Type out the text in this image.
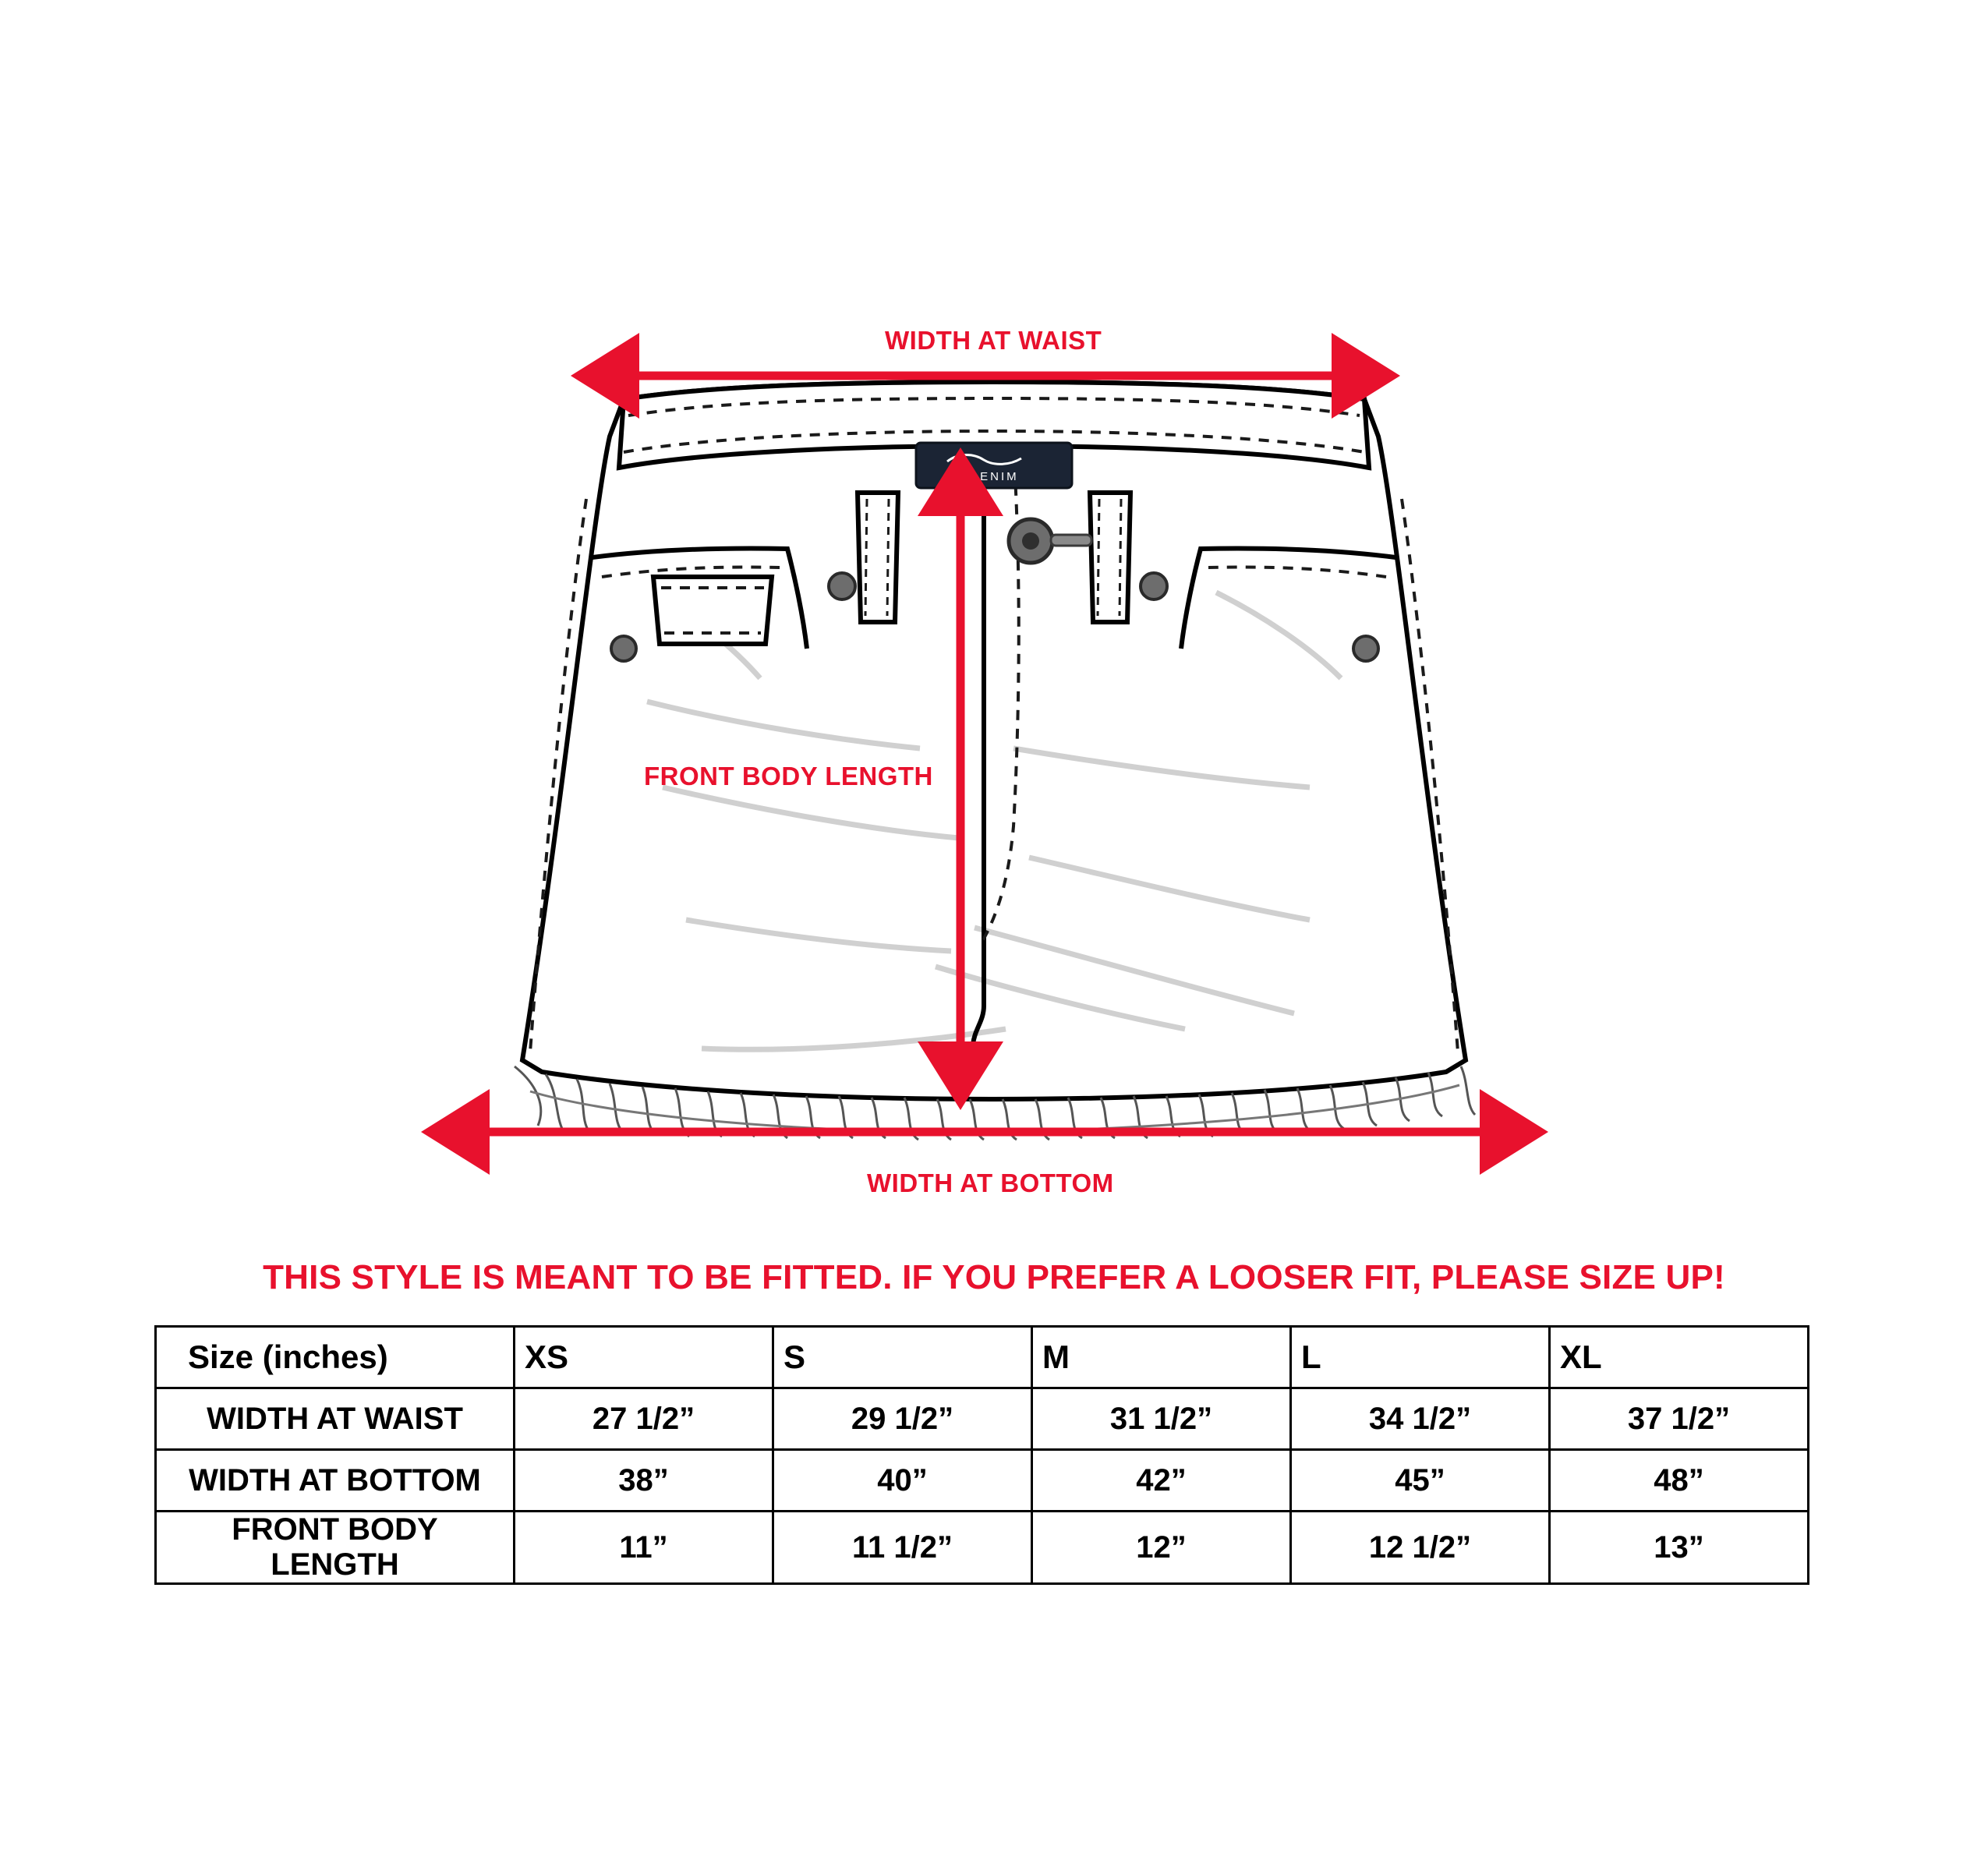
DENIM
WIDTH AT WAIST
FRONT BODY LENGTH
WIDTH AT BOTTOM
THIS STYLE IS MEANT TO BE FITTED. IF YOU PREFER A LOOSER FIT, PLEASE SIZE UP!
Size (inches)	XS	S	M	L	XL
WIDTH AT WAIST	27 1/2”	29 1/2”	31 1/2”	34 1/2”	37 1/2”
WIDTH AT BOTTOM	38”	40”	42”	45”	48”
FRONT BODY LENGTH	11”	11 1/2”	12”	12 1/2”	13”
